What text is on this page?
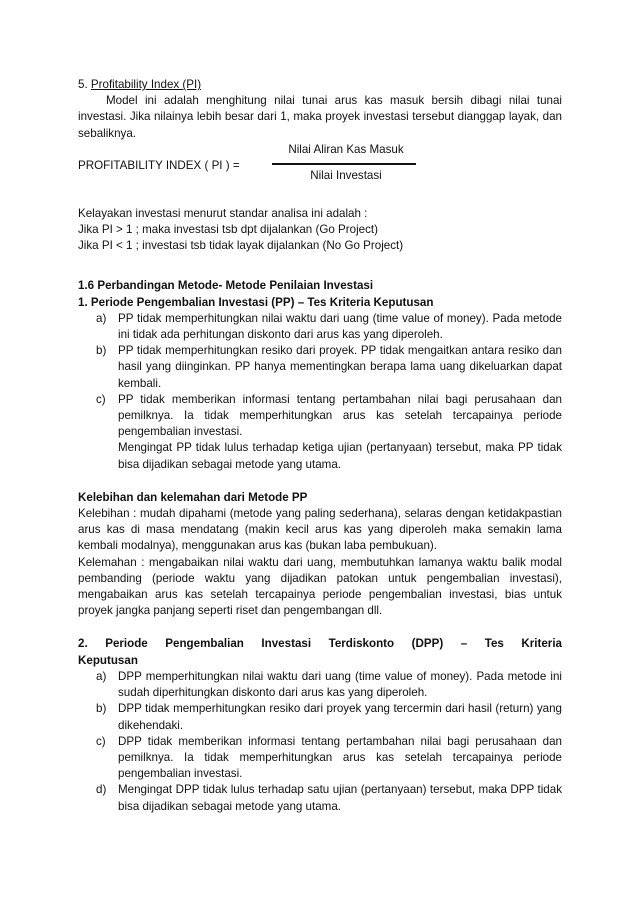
5. Profitability Index (PI)

Model ini adalah menghitung nilai tunai arus kas masuk bersih dibagi nilai tunai

investasi. Jika nilainya lebih besar dari 1, maka proyek investasi tersebut dianggap layak, dan sebaliknya.

PROFITABILITY INDEX ( PI ) =
Nilai Aliran Kas Masuk
Nilai Investasi

Kelayakan investasi menurut standar analisa ini adalah :

Jika PI > 1 ; maka investasi tsb dpt dijalankan (Go Project)

Jika PI < 1 ; investasi tsb tidak layak dijalankan (No Go Project)

1.6 Perbandingan Metode- Metode Penilaian Investasi

1. Periode Pengembalian Investasi (PP) – Tes Kriteria Keputusan

a) PP tidak memperhitungkan nilai waktu dari uang (time value of money). Pada metode ini tidak ada perhitungan diskonto dari arus kas yang diperoleh.
b) PP tidak memperhitungkan resiko dari proyek. PP tidak mengaitkan antara resiko dan hasil yang diinginkan. PP hanya mementingkan berapa lama uang dikeluarkan dapat kembali.
c) PP tidak memberikan informasi tentang pertambahan nilai bagi perusahaan dan pemilknya. Ia tidak memperhitungkan arus kas setelah tercapainya periode pengembalian investasi.

Mengingat PP tidak lulus terhadap ketiga ujian (pertanyaan) tersebut, maka PP tidak bisa dijadikan sebagai metode yang utama.

Kelebihan dan kelemahan dari Metode PP

Kelebihan : mudah dipahami (metode yang paling sederhana), selaras dengan ketidakpastian arus kas di masa mendatang (makin kecil arus kas yang diperoleh maka semakin lama kembali modalnya), menggunakan arus kas (bukan laba pembukuan).

Kelemahan : mengabaikan nilai waktu dari uang, membutuhkan lamanya waktu balik modal pembanding (periode waktu yang dijadikan patokan untuk pengembalian investasi), mengabaikan arus kas setelah tercapainya periode pengembalian investasi, bias untuk proyek jangka panjang seperti riset dan pengembangan dll.

2. Periode Pengembalian Investasi Terdiskonto (DPP) – Tes Kriteria

Keputusan

a) DPP memperhitungkan nilai waktu dari uang (time value of money). Pada metode ini sudah diperhitungkan diskonto dari arus kas yang diperoleh.
b) DPP tidak memperhitungkan resiko dari proyek yang tercermin dari hasil (return) yang dikehendaki.
c) DPP tidak memberikan informasi tentang pertambahan nilai bagi perusahaan dan pemilknya. Ia tidak memperhitungkan arus kas setelah tercapainya periode pengembalian investasi.
d) Mengingat DPP tidak lulus terhadap satu ujian (pertanyaan) tersebut, maka DPP tidak bisa dijadikan sebagai metode yang utama.
